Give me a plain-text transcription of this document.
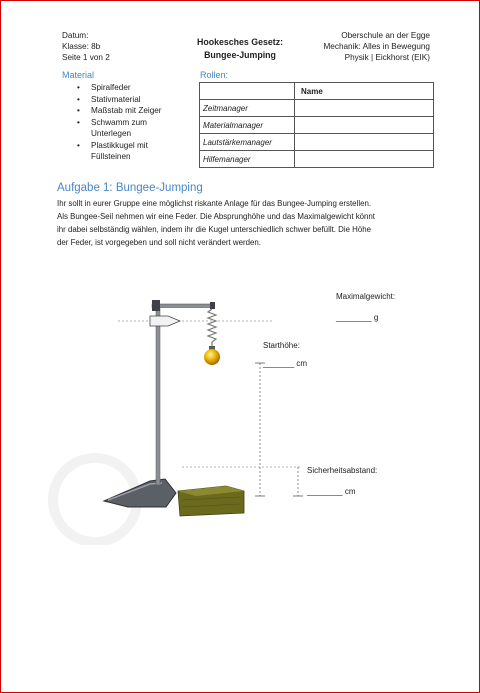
Datum:
Klasse: 8b
Seite 1 von 2
Hookesches Gesetz:
Bungee-Jumping
Oberschule an der Egge
Mechanik: Alles in Bewegung
Physik | Eickhorst (EIK)
Material
• Spiralfeder
• Stativmaterial
• Maßstab mit Zeiger
• Schwamm zum
Unterlegen
• Plastikkugel mit
Füllsteinen
Rollen:
	Name
Zeitmanager	
Materialmanager	
Lautstärkemanager	
Hilfemanager	
Aufgabe 1: Bungee-Jumping
Ihr sollt in eurer Gruppe eine möglichst riskante Anlage für das Bungee-Jumping erstellen.
Als Bungee-Seil nehmen wir eine Feder. Die Absprunghöhe und das Maximalgewicht könnt
ihr dabei selbständig wählen, indem ihr die Kugel unterschiedlich schwer befüllt. Die Höhe
der Feder, ist vorgegeben und soll nicht verändert werden.
Maximalgewicht:
________ g
Starthöhe:
_______ cm
Sicherheitsabstand:
________ cm
